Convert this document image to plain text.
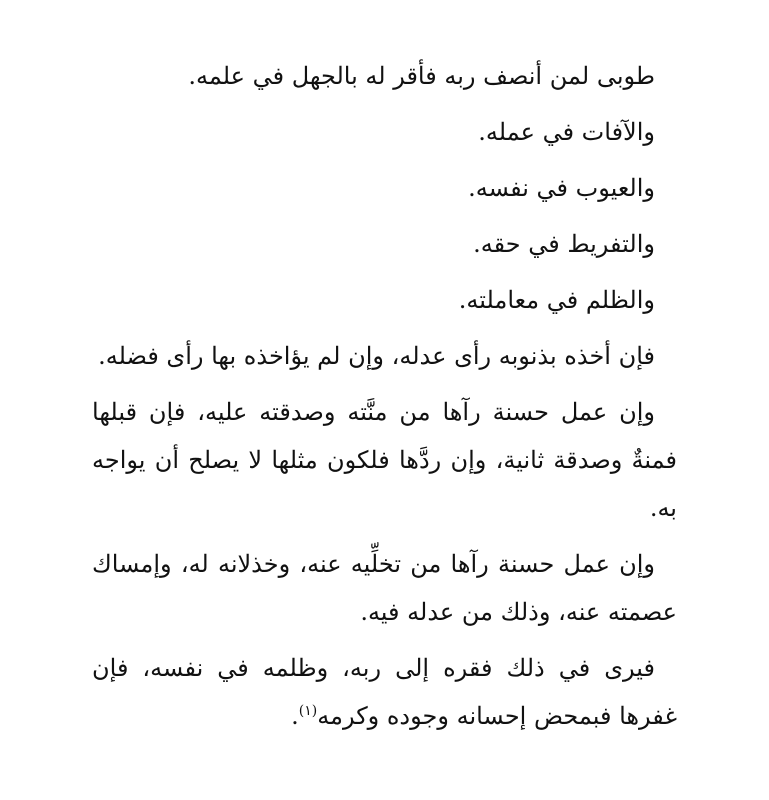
طوبى لمن أنصف ربه فأقر له بالجهل في علمه.

والآفات في عمله.

والعيوب في نفسه.

والتفريط في حقه.

والظلم في معاملته.

فإن أخذه بذنوبه رأى عدله، وإن لم يؤاخذه بها رأى فضله.

وإن عمل حسنة رآها من منَّته وصدقته عليه، فإن قبلها فمنةٌ وصدقة ثانية، وإن ردَّها فلكون مثلها لا يصلح أن يواجه به.

وإن عمل حسنة رآها من تخلِّيه عنه، وخذلانه له، وإمساك عصمته عنه، وذلك من عدله فيه.

فيرى في ذلك فقره إلى ربه، وظلمه في نفسه، فإن غفرها فبمحض إحسانه وجوده وكرمه$^{(١)}$.
